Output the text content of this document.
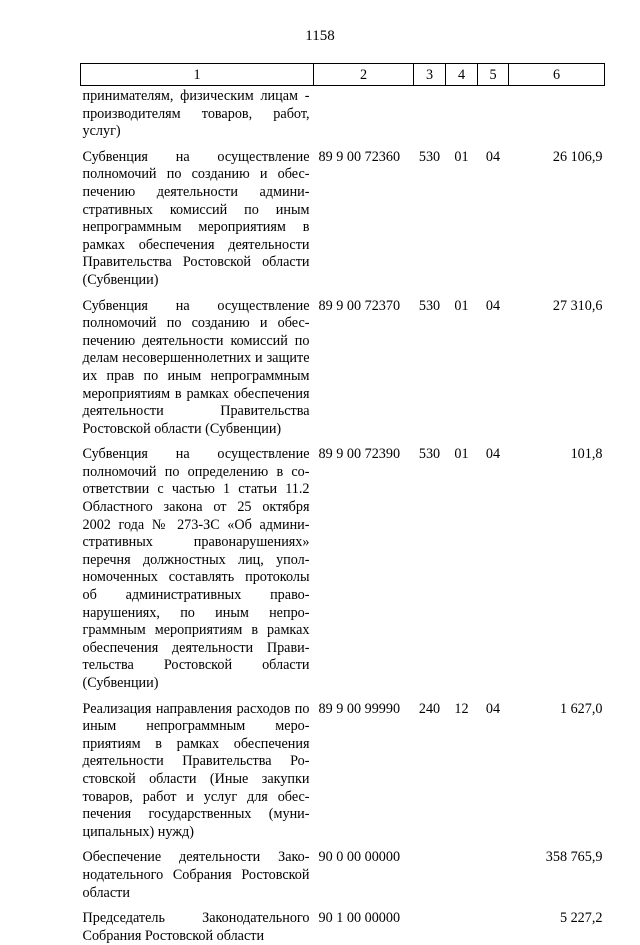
1158
1	2	3	4	5	6
принимателям, физическим лицам - производителям товаров, работ, услуг)					
Субвенция на осуществление полномочий по созданию и обеспечению деятельности административных комиссий по иным непрограммным мероприятиям в рамках обеспечения деятельности Правительства Ростовской области (Субвенции)	89 9 00 72360	530	01	04	26 106,9
Субвенция на осуществление полномочий по созданию и обеспечению деятельности комиссий по делам несовершеннолетних и защите их прав по иным непрограммным мероприятиям в рамках обеспечения деятельности Правительства Ростовской области (Субвенции)	89 9 00 72370	530	01	04	27 310,6
Субвенция на осуществление полномочий по определению в соответствии с частью 1 статьи 11.2 Областного закона от 25 октября 2002 года № 273-ЗС «Об административных правонарушениях» перечня должностных лиц, уполномоченных составлять протоколы об административных правонарушениях, по иным непрограммным мероприятиям в рамках обеспечения деятельности Правительства Ростовской области (Субвенции)	89 9 00 72390	530	01	04	101,8
Реализация направления расходов по иным непрограммным мероприятиям в рамках обеспечения деятельности Правительства Ростовской области (Иные закупки товаров, работ и услуг для обеспечения государственных (муниципальных) нужд)	89 9 00 99990	240	12	04	1 627,0
Обеспечение деятельности Законодательного Собрания Ростовской области	90 0 00 00000				358 765,9
Председатель Законодательного Собрания Ростовской области	90 1 00 00000				5 227,2
